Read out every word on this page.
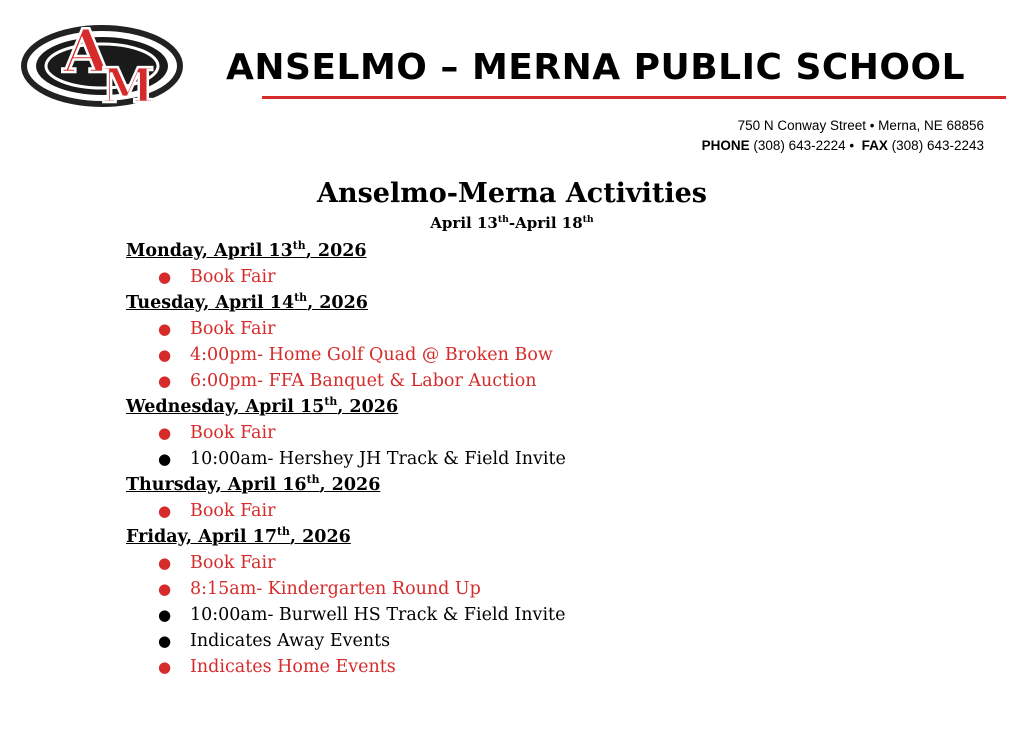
A
M ANSELMO – MERNA PUBLIC SCHOOL
750 N Conway Street • Merna, NE 68856
PHONE (308) 643-2224 •  FAX (308) 643-2243
Anselmo-Merna Activities
April 13th-April 18th
Monday, April 13th, 2026
● Book Fair
Tuesday, April 14th, 2026
● Book Fair
● 4:00pm- Home Golf Quad @ Broken Bow
● 6:00pm- FFA Banquet & Labor Auction
Wednesday, April 15th, 2026
● Book Fair
● 10:00am- Hershey JH Track & Field Invite
Thursday, April 16th, 2026
● Book Fair
Friday, April 17th, 2026
● Book Fair
● 8:15am- Kindergarten Round Up
● 10:00am- Burwell HS Track & Field Invite
● Indicates Away Events
● Indicates Home Events
